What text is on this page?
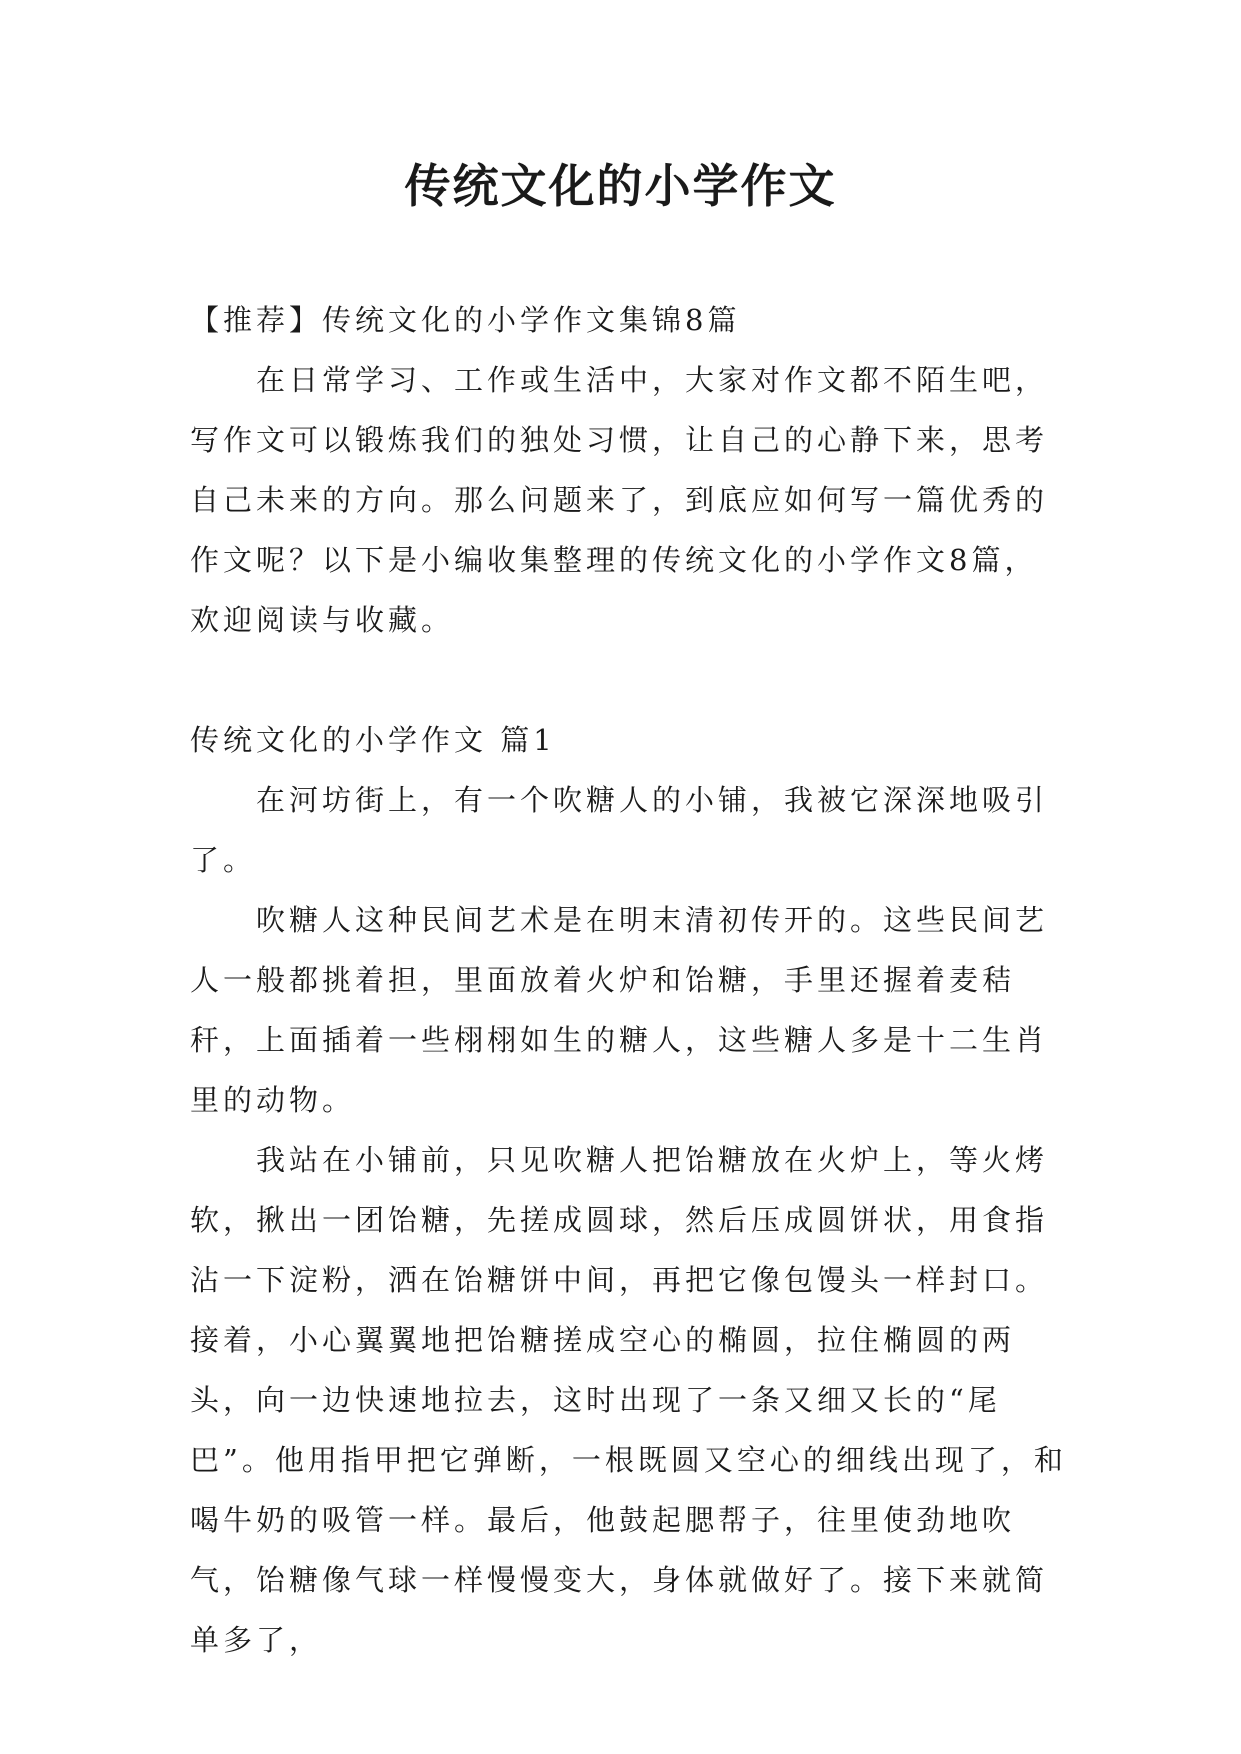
传统文化的小学作文

【推荐】传统文化的小学作文集锦8篇

在日常学习、工作或生活中，大家对作文都不陌生吧，写作文可以锻炼我们的独处习惯，让自己的心静下来，思考自己未来的方向。那么问题来了，到底应如何写一篇优秀的作文呢？以下是小编收集整理的传统文化的小学作文8篇，欢迎阅读与收藏。

传统文化的小学作文 篇1

在河坊街上，有一个吹糖人的小铺，我被它深深地吸引了。

吹糖人这种民间艺术是在明末清初传开的。这些民间艺人一般都挑着担，里面放着火炉和饴糖，手里还握着麦秸秆，上面插着一些栩栩如生的糖人，这些糖人多是十二生肖里的动物。

我站在小铺前，只见吹糖人把饴糖放在火炉上，等火烤软，揪出一团饴糖，先搓成圆球，然后压成圆饼状，用食指沾一下淀粉，洒在饴糖饼中间，再把它像包馒头一样封口。接着，小心翼翼地把饴糖搓成空心的椭圆，拉住椭圆的两头，向一边快速地拉去，这时出现了一条又细又长的“尾巴”。他用指甲把它弹断，一根既圆又空心的细线出现了，和喝牛奶的吸管一样。最后，他鼓起腮帮子，往里使劲地吹气，饴糖像气球一样慢慢变大，身体就做好了。接下来就简单多了，
